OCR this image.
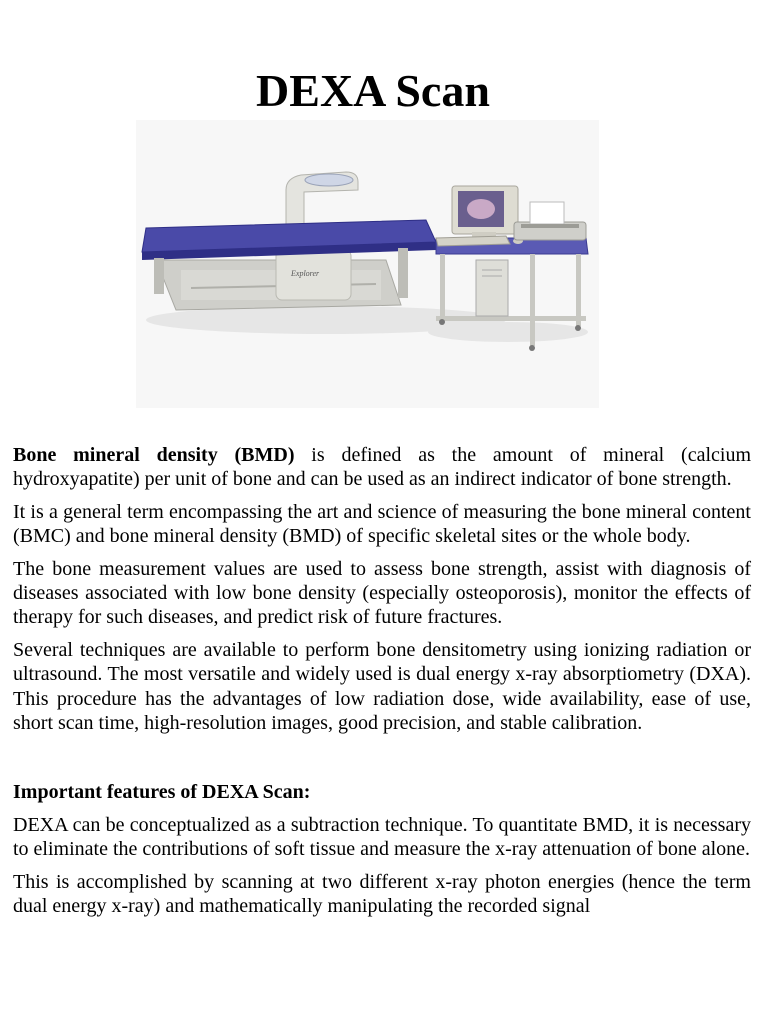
DEXA Scan
Explorer

Bone mineral density (BMD) is defined as the amount of mineral (calcium hydroxyapatite) per unit of bone and can be used as an indirect indicator of bone strength.

It is a general term encompassing the art and science of measuring the bone mineral content (BMC) and bone mineral density (BMD) of specific skeletal sites or the whole body.

The bone measurement values are used to assess bone strength, assist with diagnosis of diseases associated with low bone density (especially osteoporosis), monitor the effects of therapy for such diseases, and predict risk of future fractures.

Several techniques are available to perform bone densitometry using ionizing radiation or ultrasound. The most versatile and widely used is dual energy x-ray absorptiometry (DXA). This procedure has the advantages of low radiation dose, wide availability, ease of use, short scan time, high-resolution images, good precision, and stable calibration.

Important features of DEXA Scan:

DEXA can be conceptualized as a subtraction technique. To quantitate BMD, it is necessary to eliminate the contributions of soft tissue and measure the x-ray attenuation of bone alone.

This is accomplished by scanning at two different x-ray photon energies (hence the term dual energy x-ray) and mathematically manipulating the recorded signal
